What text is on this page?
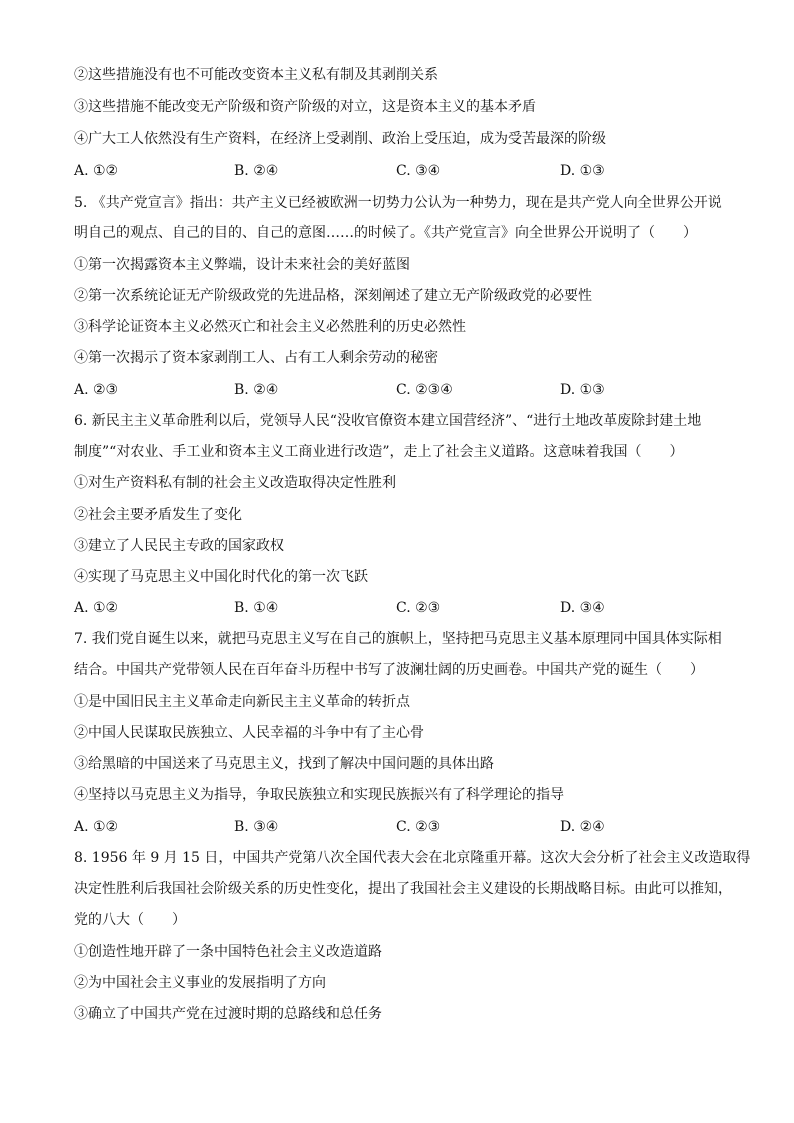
②这些措施没有也不可能改变资本主义私有制及其剥削关系
③这些措施不能改变无产阶级和资产阶级的对立，这是资本主义的基本矛盾
④广大工人依然没有生产资料，在经济上受剥削、政治上受压迫，成为受苦最深的阶级
A. ①②	B. ②④	C. ③④	D. ①③
5. 《共产党宣言》指出：共产主义已经被欧洲一切势力公认为一种势力，现在是共产党人向全世界公开说
明自己的观点、自己的目的、自己的意图……的时候了。《共产党宣言》向全世界公开说明了（　　）
①第一次揭露资本主义弊端，设计未来社会的美好蓝图
②第一次系统论证无产阶级政党的先进品格，深刻阐述了建立无产阶级政党的必要性
③科学论证资本主义必然灭亡和社会主义必然胜利的历史必然性
④第一次揭示了资本家剥削工人、占有工人剩余劳动的秘密
A. ②③	B. ②④	C. ②③④	D. ①③
6. 新民主主义革命胜利以后，党领导人民“没收官僚资本建立国营经济”、“进行土地改革废除封建土地
制度”“对农业、手工业和资本主义工商业进行改造”，走上了社会主义道路。这意味着我国（　　）
①对生产资料私有制的社会主义改造取得决定性胜利
②社会主要矛盾发生了变化
③建立了人民民主专政的国家政权
④实现了马克思主义中国化时代化的第一次飞跃
A. ①②	B. ①④	C. ②③	D. ③④
7. 我们党自诞生以来，就把马克思主义写在自己的旗帜上，坚持把马克思主义基本原理同中国具体实际相
结合。中国共产党带领人民在百年奋斗历程中书写了波澜壮阔的历史画卷。中国共产党的诞生（　　）
①是中国旧民主主义革命走向新民主主义革命的转折点
②中国人民谋取民族独立、人民幸福的斗争中有了主心骨
③给黑暗的中国送来了马克思主义，找到了解决中国问题的具体出路
④坚持以马克思主义为指导，争取民族独立和实现民族振兴有了科学理论的指导
A. ①②	B. ③④	C. ②③	D. ②④
8. 1956 年 9 月 15 日，中国共产党第八次全国代表大会在北京隆重开幕。这次大会分析了社会主义改造取得
决定性胜利后我国社会阶级关系的历史性变化，提出了我国社会主义建设的长期战略目标。由此可以推知，
党的八大（　　）
①创造性地开辟了一条中国特色社会主义改造道路
②为中国社会主义事业的发展指明了方向
③确立了中国共产党在过渡时期的总路线和总任务
